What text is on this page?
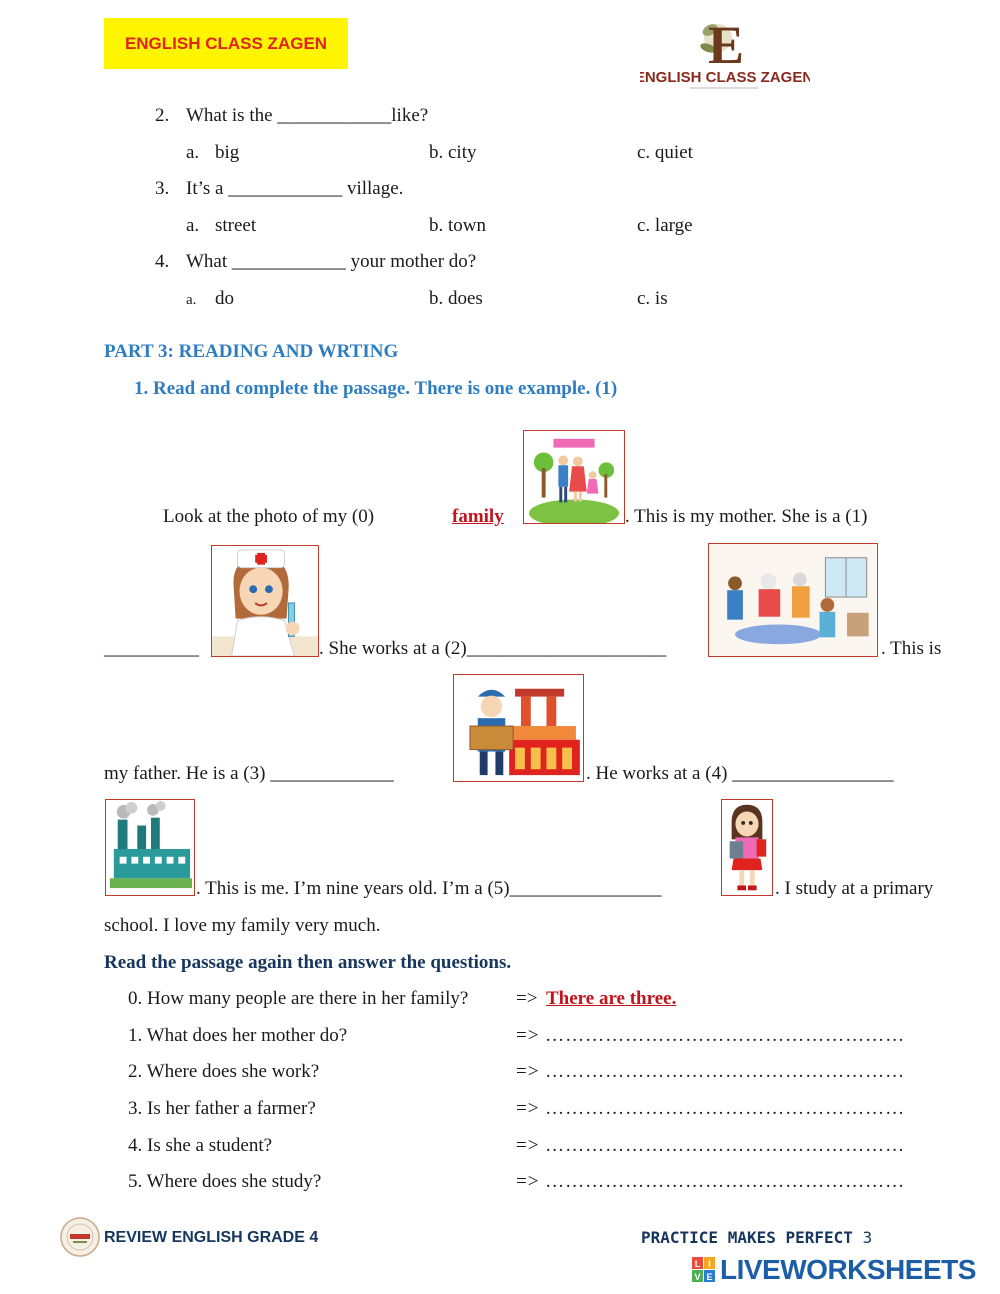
ENGLISH CLASS ZAGEN	E
ENGLISH CLASS ZAGEN
2. What is the ____________like?
a. big	b. city	c. quiet
3. It’s a ____________ village.
a. street	b. town	c. large
4. What ____________ your mother do?
a. do	b. does	c. is
PART 3: READING AND WRTING
1. Read and complete the passage. There is one example. (1)
Look at the photo of my (0)	family	. This is my mother. She is a (1)
__________	. She works at a (2)_____________________	. This is
my father. He is a (3) _____________	. He works at a (4) _________________
. This is me. I’m nine years old. I’m a (5)________________	. I study at a primary
school. I love my family very much.
Read the passage again then answer the questions.
0. How many people are there in her family?	=> There are three.
1. What does her mother do?	=> ………………………………………………
2. Where does she work?	=> ………………………………………………
3. Is her father a farmer?	=> ………………………………………………
4. Is she a student?	=> ………………………………………………
5. Where does she study?	=> ………………………………………………
REVIEW ENGLISH GRADE 4	PRACTICE MAKES PERFECT 3
L I
V E LIVEWORKSHEETS
